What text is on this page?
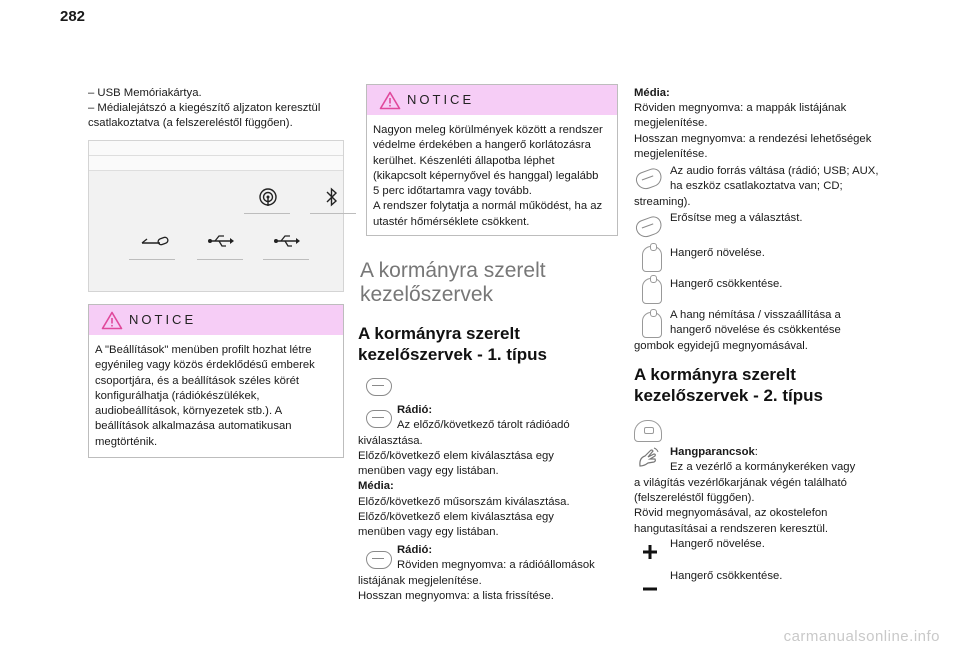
282
– USB Memóriakártya.
– Médialejátszó a kiegészítő aljzaton keresztül
csatlakoztatva (a felszereléstől függően).
NOTICE
A "Beállítások" menüben profilt hozhat létre
egyénileg vagy közös érdeklődésű emberek
csoportjára, és a beállítások széles körét
konfigurálhatja (rádiókészülékek,
audiobeállítások, környezetek stb.). A
beállítások alkalmazása automatikusan
megtörténik.
NOTICE
Nagyon meleg körülmények között a rendszer
védelme érdekében a hangerő korlátozásra
kerülhet. Készenléti állapotba léphet
(kikapcsolt képernyővel és hanggal) legalább
5 perc időtartamra vagy tovább.
A rendszer folytatja a normál működést, ha az
utastér hőmérséklete csökkent.
A kormányra szerelt
kezelőszervek
A kormányra szerelt
kezelőszervek - 1. típus
Rádió:
Az előző/következő tárolt rádióadó
kiválasztása.
Előző/következő elem kiválasztása egy
menüben vagy egy listában.
Média:
Előző/következő műsorszám kiválasztása.
Előző/következő elem kiválasztása egy
menüben vagy egy listában.
Rádió:
Röviden megnyomva: a rádióállomások
listájának megjelenítése.
Hosszan megnyomva: a lista frissítése.
Média:
Röviden megnyomva: a mappák listájának
megjelenítése.
Hosszan megnyomva: a rendezési lehetőségek
megjelenítése.
Az audio forrás váltása (rádió; USB; AUX,
ha eszköz csatlakoztatva van; CD;
streaming).
Erősítse meg a választást.
Hangerő növelése.
Hangerő csökkentése.
A hang némítása / visszaállítása a
hangerő növelése és csökkentése
gombok egyidejű megnyomásával.
A kormányra szerelt
kezelőszervek - 2. típus
Hangparancsok:
Ez a vezérlő a kormánykeréken vagy
a világítás vezérlőkarjának végén található
(felszereléstől függően).
Rövid megnyomásával, az okostelefon
hangutasításai a rendszeren keresztül.
Hangerő növelése.
Hangerő csökkentése.
carmanualsonline.info
